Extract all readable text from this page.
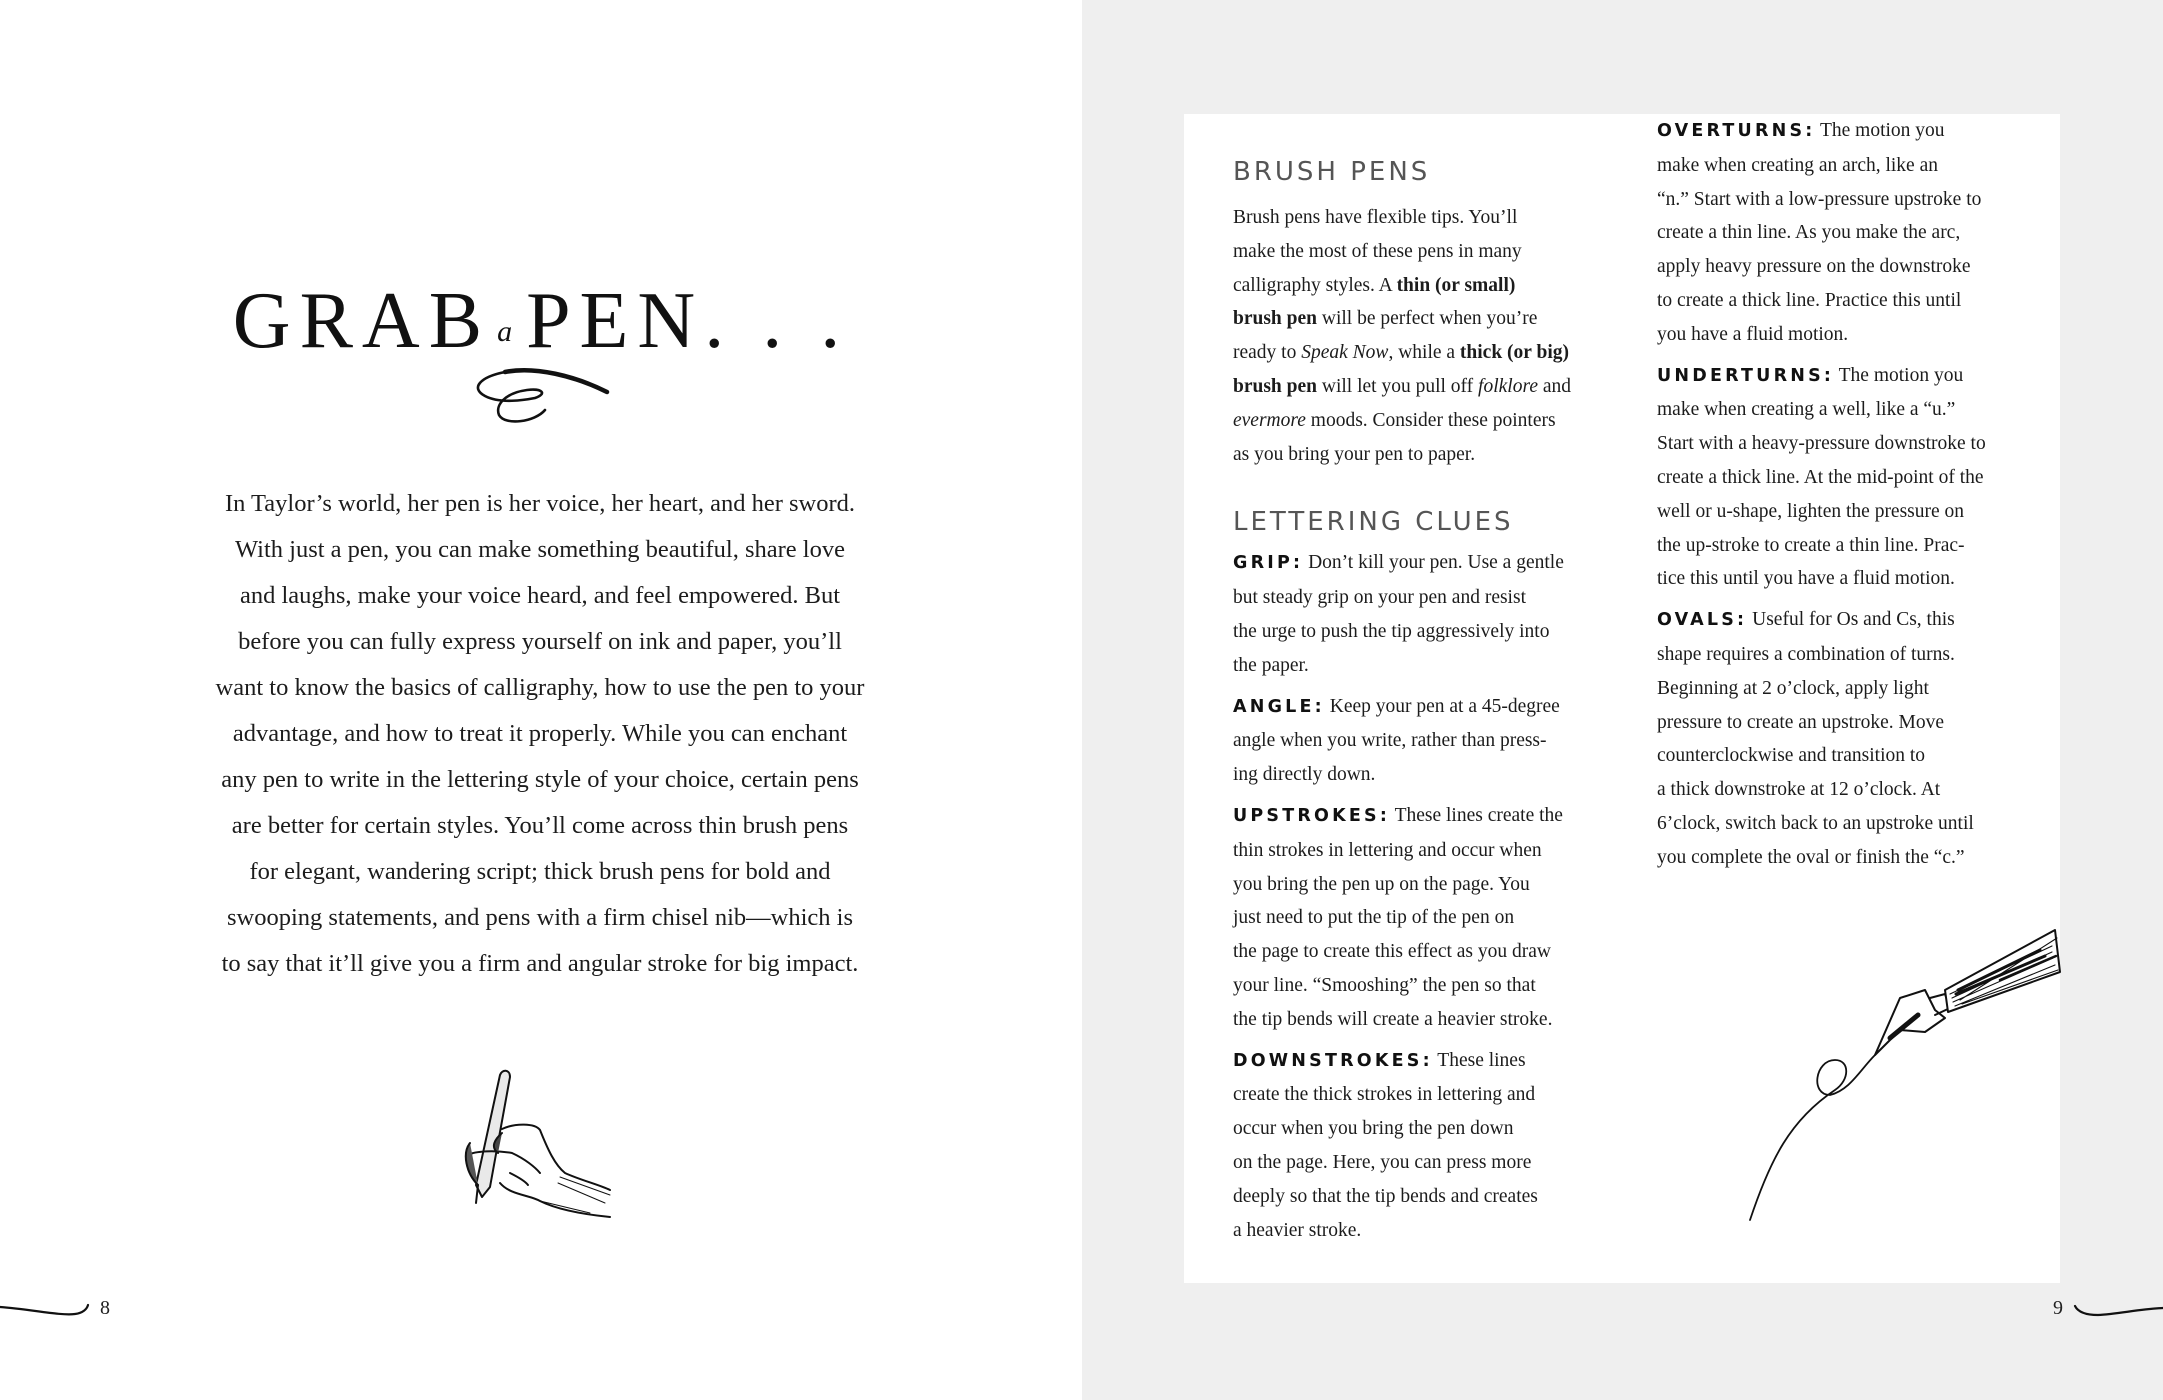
GRAB a PEN. . .
In Taylor’s world, her pen is her voice, her heart, and her sword.
With just a pen, you can make something beautiful, share love
and laughs, make your voice heard, and feel empowered. But
before you can fully express yourself on ink and paper, you’ll
want to know the basics of calligraphy, how to use the pen to your
advantage, and how to treat it properly. While you can enchant
any pen to write in the lettering style of your choice, certain pens
are better for certain styles. You’ll come across thin brush pens
for elegant, wandering script; thick brush pens for bold and
swooping statements, and pens with a firm chisel nib—which is
to say that it’ll give you a firm and angular stroke for big impact.
8	9
BRUSH PENS
Brush pens have flexible tips. You’ll
make the most of these pens in many
calligraphy styles. A thin (or small)
brush pen will be perfect when you’re
ready to Speak Now, while a thick (or big)
brush pen will let you pull off folklore and
evermore moods. Consider these pointers
as you bring your pen to paper.
LETTERING CLUES
GRIP: Don’t kill your pen. Use a gentle
but steady grip on your pen and resist
the urge to push the tip aggressively into
the paper.
ANGLE: Keep your pen at a 45-degree
angle when you write, rather than press-
ing directly down.
UPSTROKES: These lines create the
thin strokes in lettering and occur when
you bring the pen up on the page. You
just need to put the tip of the pen on
the page to create this effect as you draw
your line. “Smooshing” the pen so that
the tip bends will create a heavier stroke.
DOWNSTROKES: These lines
create the thick strokes in lettering and
occur when you bring the pen down
on the page. Here, you can press more
deeply so that the tip bends and creates
a heavier stroke.
OVERTURNS: The motion you
make when creating an arch, like an
“n.” Start with a low-pressure upstroke to
create a thin line. As you make the arc,
apply heavy pressure on the downstroke
to create a thick line. Practice this until
you have a fluid motion.
UNDERTURNS: The motion you
make when creating a well, like a “u.”
Start with a heavy-pressure downstroke to
create a thick line. At the mid-point of the
well or u-shape, lighten the pressure on
the up-stroke to create a thin line. Prac-
tice this until you have a fluid motion.
OVALS: Useful for Os and Cs, this
shape requires a combination of turns.
Beginning at 2 o’clock, apply light
pressure to create an upstroke. Move
counterclockwise and transition to
a thick downstroke at 12 o’clock. At
6’clock, switch back to an upstroke until
you complete the oval or finish the “c.”
